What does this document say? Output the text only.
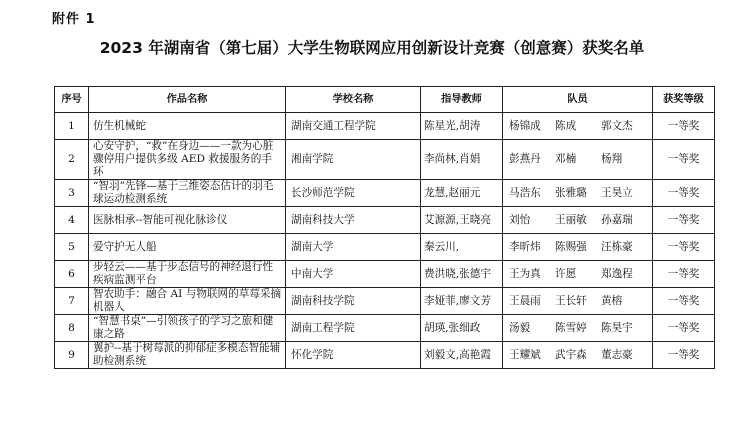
附件 1
2023 年湖南省（第七届）大学生物联网应用创新设计竞赛（创意赛）获奖名单
序号	作品名称	学校名称	指导教师	队员	获奖等级
1	仿生机械蛇	湖南交通工程学院	陈星光,胡涛	杨锦成 陈成 郭文杰	一等奖
2	心安守护，“救”在身边——一款为心脏骤停用户提供多级 AED 救援服务的手环	湘南学院	李尚林,肖娟	彭燕丹 邓楠 杨翔	一等奖
3	“智羽”先锋—基于三维姿态估计的羽毛球运动检测系统	长沙师范学院	龙慧,赵丽元	马浩东 张雅璐 王昊立	一等奖
4	医脉相承--智能可视化脉诊仪	湖南科技大学	艾源源,王晓亮	刘怡 王丽敏 孙嘉瑞	一等奖
5	爱守护无人船	湖南大学	秦云川,	李昕炜 陈赐强 汪栋豪	一等奖
6	步轻云——基于步态信号的神经退行性疾病监测平台	中南大学	费洪晓,张德宇	王为真 许愿 郑逸程	一等奖
7	智农助手：融合 AI 与物联网的草莓采摘机器人	湖南科技学院	李娅菲,廖文芳	王晨雨 王长轩 黄榕	一等奖
8	“智慧书桌”—引领孩子的学习之旅和健康之路	湖南工程学院	胡瑛,张细政	汤毅 陈雪婷 陈昊宇	一等奖
9	翼护--基于树莓派的抑郁症多模态智能辅助检测系统	怀化学院	刘毅文,高艳霞	王耀斌 武宇森 董志豪	一等奖
